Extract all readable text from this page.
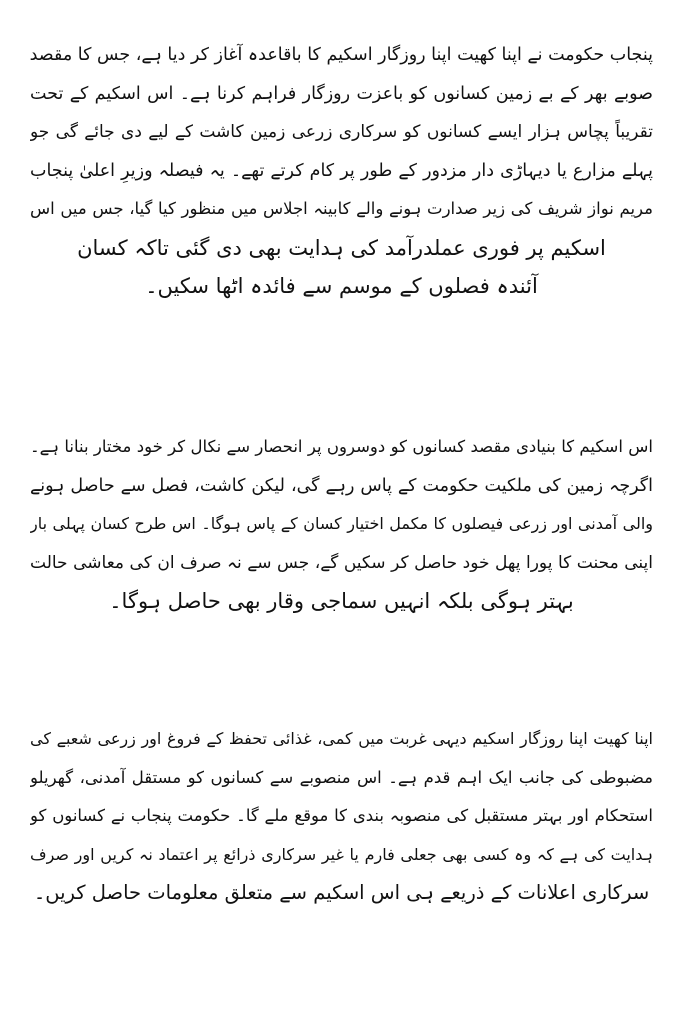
پنجاب حکومت نے اپنا کھیت اپنا روزگار اسکیم کا باقاعدہ آغاز کر دیا ہے، جس کا مقصد
صوبے بھر کے بے زمین کسانوں کو باعزت روزگار فراہم کرنا ہے۔ اس اسکیم کے تحت
تقریباً پچاس ہزار ایسے کسانوں کو سرکاری زرعی زمین کاشت کے لیے دی جائے گی جو
پہلے مزارع یا دیہاڑی دار مزدور کے طور پر کام کرتے تھے۔ یہ فیصلہ وزیرِ اعلیٰ پنجاب
مریم نواز شریف کی زیر صدارت ہونے والے کابینہ اجلاس میں منظور کیا گیا، جس میں اس
اسکیم پر فوری عملدرآمد کی ہدایت بھی دی گئی تاکہ کسان
آئندہ فصلوں کے موسم سے فائدہ اٹھا سکیں۔
اس اسکیم کا بنیادی مقصد کسانوں کو دوسروں پر انحصار سے نکال کر خود مختار بنانا ہے۔
اگرچہ زمین کی ملکیت حکومت کے پاس رہے گی، لیکن کاشت، فصل سے حاصل ہونے
والی آمدنی اور زرعی فیصلوں کا مکمل اختیار کسان کے پاس ہوگا۔ اس طرح کسان پہلی بار
اپنی محنت کا پورا پھل خود حاصل کر سکیں گے، جس سے نہ صرف ان کی معاشی حالت
بہتر ہوگی بلکہ انہیں سماجی وقار بھی حاصل ہوگا۔
اپنا کھیت اپنا روزگار اسکیم دیہی غربت میں کمی، غذائی تحفظ کے فروغ اور زرعی شعبے کی
مضبوطی کی جانب ایک اہم قدم ہے۔ اس منصوبے سے کسانوں کو مستقل آمدنی، گھریلو
استحکام اور بہتر مستقبل کی منصوبہ بندی کا موقع ملے گا۔ حکومت پنجاب نے کسانوں کو
ہدایت کی ہے کہ وہ کسی بھی جعلی فارم یا غیر سرکاری ذرائع پر اعتماد نہ کریں اور صرف
سرکاری اعلانات کے ذریعے ہی اس اسکیم سے متعلق معلومات حاصل کریں۔
